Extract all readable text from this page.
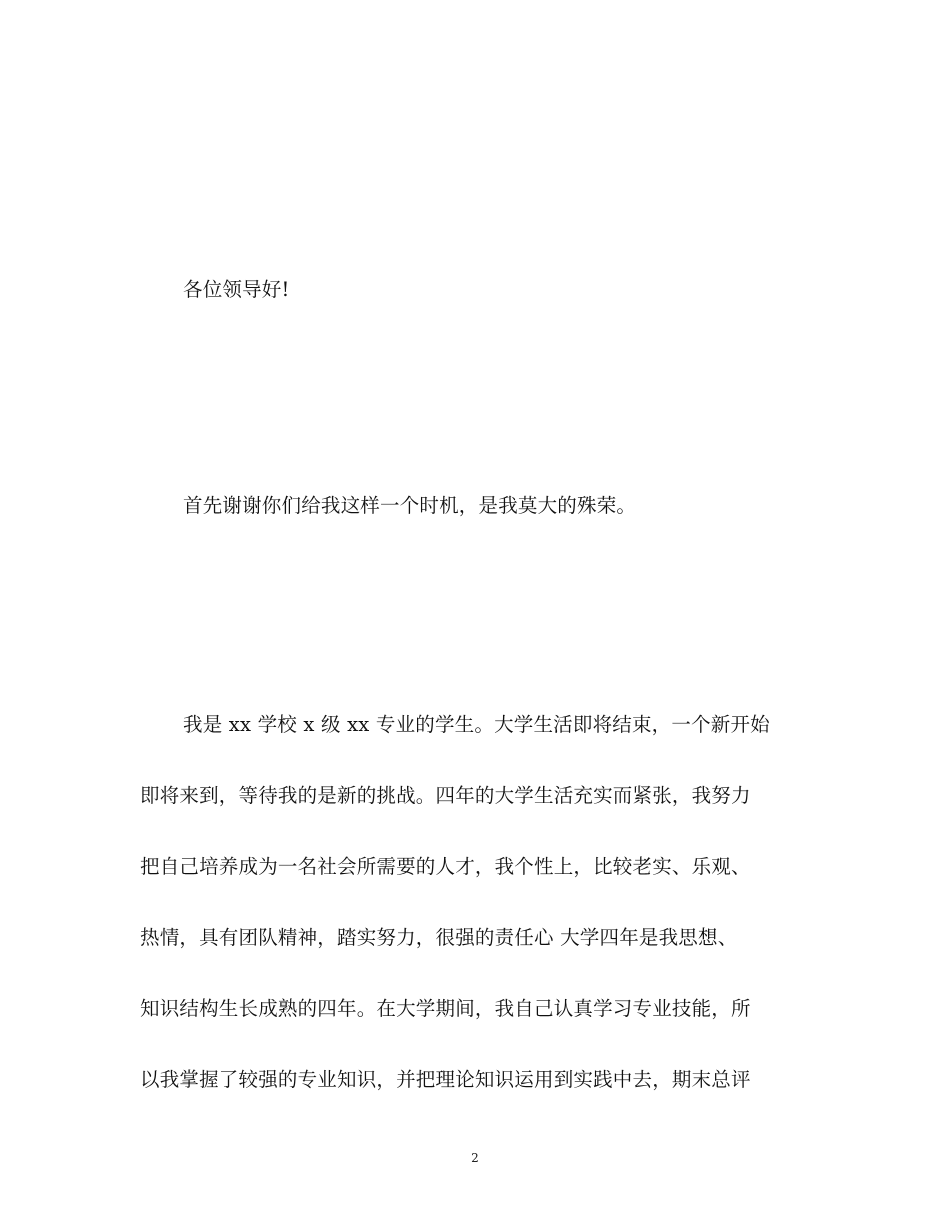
各位领导好!
首先谢谢你们给我这样一个时机，是我莫大的殊荣。
我是 xx 学校 x 级 xx 专业的学生。大学生活即将结束，一个新开始
即将来到，等待我的是新的挑战。四年的大学生活充实而紧张，我努力
把自己培养成为一名社会所需要的人才，我个性上，比较老实、乐观、
热情，具有团队精神，踏实努力，很强的责任心 大学四年是我思想、
知识结构生长成熟的四年。在大学期间，我自己认真学习专业技能，所
以我掌握了较强的专业知识，并把理论知识运用到实践中去，期末总评
2
